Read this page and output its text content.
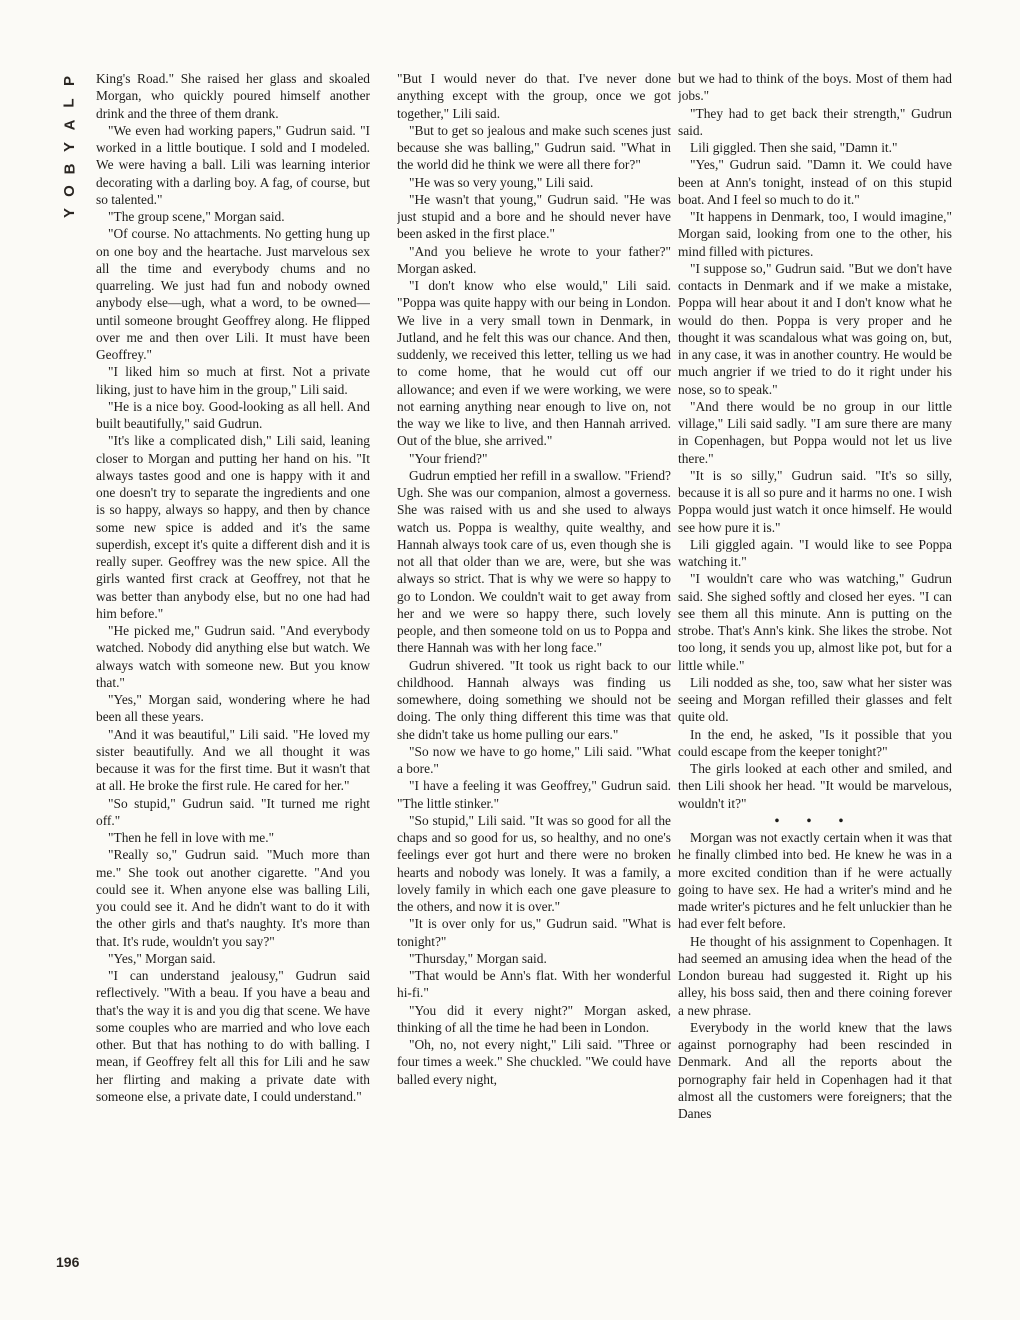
P
L
A
Y
B
O
Y

King's Road." She raised her glass and skoaled Morgan, who quickly poured himself another drink and the three of them drank.

"We even had working papers," Gudrun said. "I worked in a little boutique. I sold and I modeled. We were having a ball. Lili was learning interior decorating with a darling boy. A fag, of course, but so talented."

"The group scene," Morgan said.

"Of course. No attachments. No getting hung up on one boy and the heartache. Just marvelous sex all the time and everybody chums and no quarreling. We just had fun and nobody owned anybody else—ugh, what a word, to be owned—until someone brought Geoffrey along. He flipped over me and then over Lili. It must have been Geoffrey."

"I liked him so much at first. Not a private liking, just to have him in the group," Lili said.

"He is a nice boy. Good-looking as all hell. And built beautifully," said Gudrun.

"It's like a complicated dish," Lili said, leaning closer to Morgan and putting her hand on his. "It always tastes good and one is happy with it and one doesn't try to separate the ingredients and one is so happy, always so happy, and then by chance some new spice is added and it's the same superdish, except it's quite a different dish and it is really super. Geoffrey was the new spice. All the girls wanted first crack at Geoffrey, not that he was better than anybody else, but no one had had him before."

"He picked me," Gudrun said. "And everybody watched. Nobody did anything else but watch. We always watch with someone new. But you know that."

"Yes," Morgan said, wondering where he had been all these years.

"And it was beautiful," Lili said. "He loved my sister beautifully. And we all thought it was because it was for the first time. But it wasn't that at all. He broke the first rule. He cared for her."

"So stupid," Gudrun said. "It turned me right off."

"Then he fell in love with me."

"Really so," Gudrun said. "Much more than me." She took out another cigarette. "And you could see it. When anyone else was balling Lili, you could see it. And he didn't want to do it with the other girls and that's naughty. It's more than that. It's rude, wouldn't you say?"

"Yes," Morgan said.

"I can understand jealousy," Gudrun said reflectively. "With a beau. If you have a beau and that's the way it is and you dig that scene. We have some couples who are married and who love each other. But that has nothing to do with balling. I mean, if Geoffrey felt all this for Lili and he saw her flirting and making a private date with someone else, a private date, I could understand."

"But I would never do that. I've never done anything except with the group, once we got together," Lili said.

"But to get so jealous and make such scenes just because she was balling," Gudrun said. "What in the world did he think we were all there for?"

"He was so very young," Lili said.

"He wasn't that young," Gudrun said. "He was just stupid and a bore and he should never have been asked in the first place."

"And you believe he wrote to your father?" Morgan asked.

"I don't know who else would," Lili said. "Poppa was quite happy with our being in London. We live in a very small town in Denmark, in Jutland, and he felt this was our chance. And then, suddenly, we received this letter, telling us we had to come home, that he would cut off our allowance; and even if we were working, we were not earning anything near enough to live on, not the way we like to live, and then Hannah arrived. Out of the blue, she arrived."

"Your friend?"

Gudrun emptied her refill in a swallow. "Friend? Ugh. She was our companion, almost a governess. She was raised with us and she used to always watch us. Poppa is wealthy, quite wealthy, and Hannah always took care of us, even though she is not all that older than we are, were, but she was always so strict. That is why we were so happy to go to London. We couldn't wait to get away from her and we were so happy there, such lovely people, and then someone told on us to Poppa and there Hannah was with her long face."

Gudrun shivered. "It took us right back to our childhood. Hannah always was finding us somewhere, doing something we should not be doing. The only thing different this time was that she didn't take us home pulling our ears."

"So now we have to go home," Lili said. "What a bore."

"I have a feeling it was Geoffrey," Gudrun said. "The little stinker."

"So stupid," Lili said. "It was so good for all the chaps and so good for us, so healthy, and no one's feelings ever got hurt and there were no broken hearts and nobody was lonely. It was a family, a lovely family in which each one gave pleasure to the others, and now it is over."

"It is over only for us," Gudrun said. "What is tonight?"

"Thursday," Morgan said.

"That would be Ann's flat. With her wonderful hi-fi."

"You did it every night?" Morgan asked, thinking of all the time he had been in London.

"Oh, no, not every night," Lili said. "Three or four times a week." She chuckled. "We could have balled every night,

but we had to think of the boys. Most of them had jobs."

"They had to get back their strength," Gudrun said.

Lili giggled. Then she said, "Damn it."

"Yes," Gudrun said. "Damn it. We could have been at Ann's tonight, instead of on this stupid boat. And I feel so much to do it."

"It happens in Denmark, too, I would imagine," Morgan said, looking from one to the other, his mind filled with pictures.

"I suppose so," Gudrun said. "But we don't have contacts in Denmark and if we make a mistake, Poppa will hear about it and I don't know what he would do then. Poppa is very proper and he thought it was scandalous what was going on, but, in any case, it was in another country. He would be much angrier if we tried to do it right under his nose, so to speak."

"And there would be no group in our little village," Lili said sadly. "I am sure there are many in Copenhagen, but Poppa would not let us live there."

"It is so silly," Gudrun said. "It's so silly, because it is all so pure and it harms no one. I wish Poppa would just watch it once himself. He would see how pure it is."

Lili giggled again. "I would like to see Poppa watching it."

"I wouldn't care who was watching," Gudrun said. She sighed softly and closed her eyes. "I can see them all this minute. Ann is putting on the strobe. That's Ann's kink. She likes the strobe. Not too long, it sends you up, almost like pot, but for a little while."

Lili nodded as she, too, saw what her sister was seeing and Morgan refilled their glasses and felt quite old.

In the end, he asked, "Is it possible that you could escape from the keeper tonight?"

The girls looked at each other and smiled, and then Lili shook her head. "It would be marvelous, wouldn't it?"

• • •

Morgan was not exactly certain when it was that he finally climbed into bed. He knew he was in a more excited condition than if he were actually going to have sex. He had a writer's mind and he made writer's pictures and he felt unluckier than he had ever felt before.

He thought of his assignment to Copenhagen. It had seemed an amusing idea when the head of the London bureau had suggested it. Right up his alley, his boss said, then and there coining forever a new phrase.

Everybody in the world knew that the laws against pornography had been rescinded in Denmark. And all the reports about the pornography fair held in Copenhagen had it that almost all the customers were foreigners; that the Danes

196
